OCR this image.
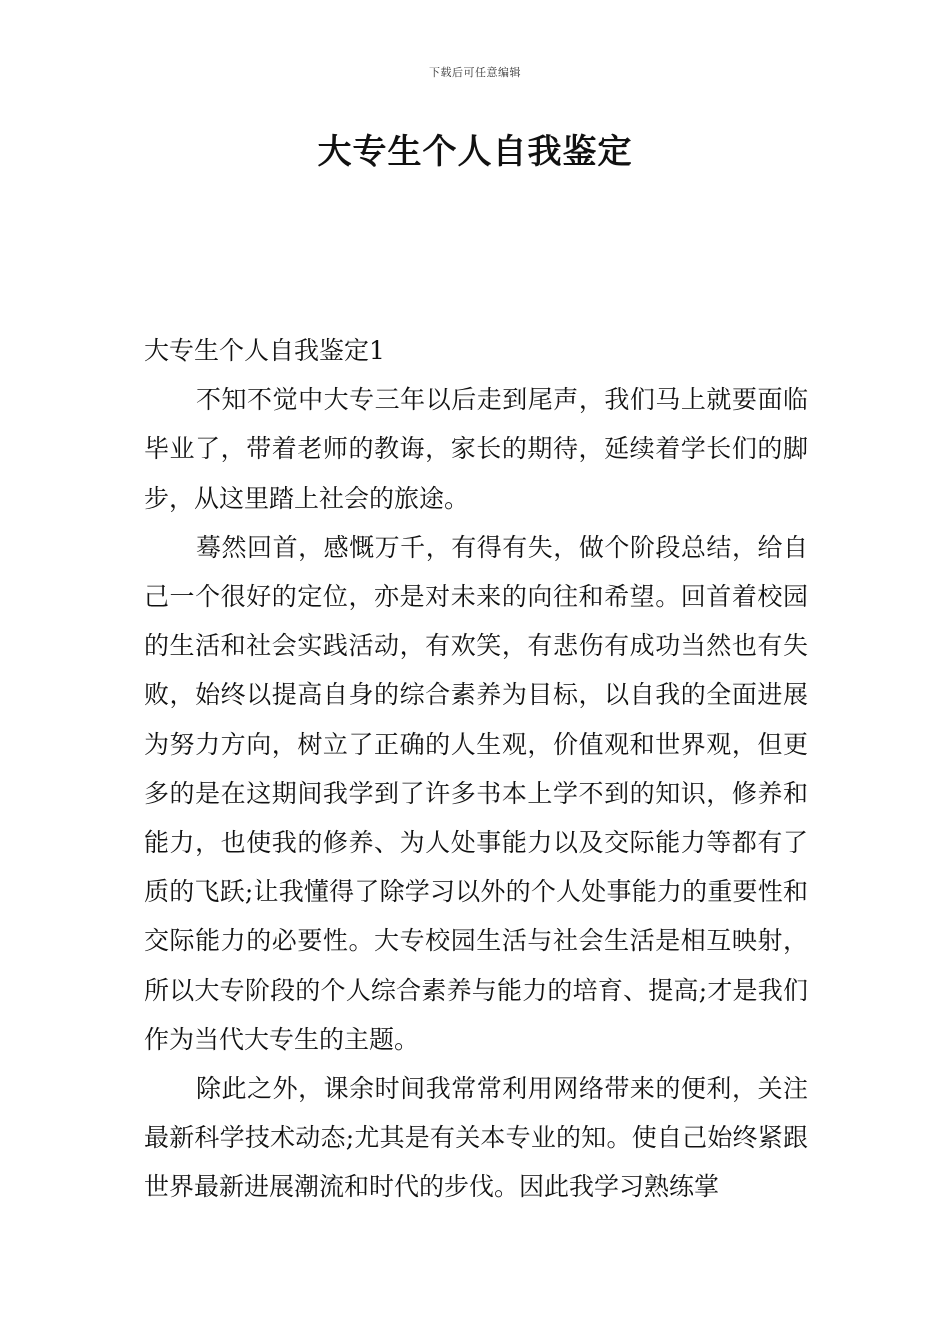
下载后可任意编辑
大专生个人自我鉴定

大专生个人自我鉴定1

不知不觉中大专三年以后走到尾声，我们马上就要面临毕业了，带着老师的教诲，家长的期待，延续着学长们的脚步，从这里踏上社会的旅途。

蓦然回首，感慨万千，有得有失，做个阶段总结，给自己一个很好的定位，亦是对未来的向往和希望。回首着校园的生活和社会实践活动，有欢笑，有悲伤有成功当然也有失败，始终以提高自身的综合素养为目标，以自我的全面进展为努力方向，树立了正确的人生观，价值观和世界观，但更多的是在这期间我学到了许多书本上学不到的知识，修养和能力，也使我的修养、为人处事能力以及交际能力等都有了质的飞跃;让我懂得了除学习以外的个人处事能力的重要性和交际能力的必要性。大专校园生活与社会生活是相互映射，所以大专阶段的个人综合素养与能力的培育、提高;才是我们作为当代大专生的主题。

除此之外，课余时间我常常利用网络带来的便利，关注最新科学技术动态;尤其是有关本专业的知。使自己始终紧跟世界最新进展潮流和时代的步伐。因此我学习熟练掌
